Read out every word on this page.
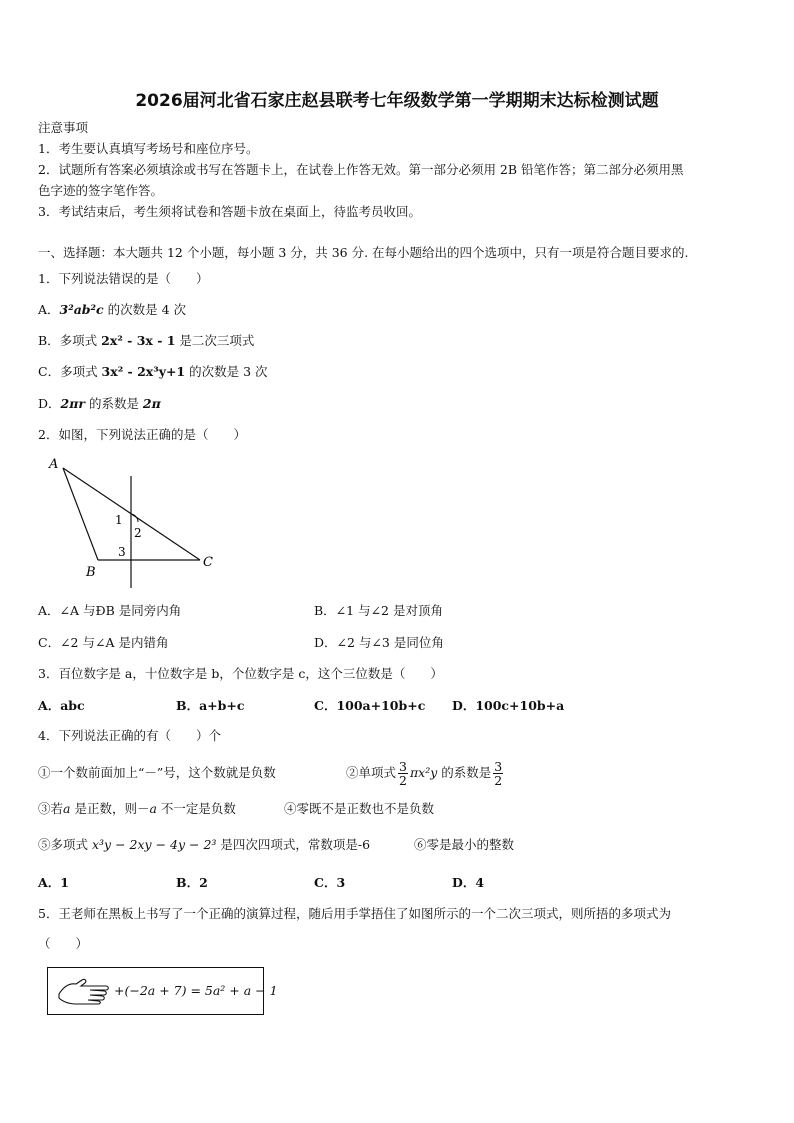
2026届河北省石家庄赵县联考七年级数学第一学期期末达标检测试题
注意事项
1．考生要认真填写考场号和座位序号。
2．试题所有答案必须填涂或书写在答题卡上，在试卷上作答无效。第一部分必须用 2B 铅笔作答；第二部分必须用黑
色字迹的签字笔作答。
3．考试结束后，考生须将试卷和答题卡放在桌面上，待监考员收回。
一、选择题：本大题共 12 个小题，每小题 3 分，共 36 分. 在每小题给出的四个选项中，只有一项是符合题目要求的.
1．下列说法错误的是（　　）
A．3²ab²c 的次数是 4 次
B．多项式 2x² - 3x - 1 是二次三项式
C．多项式 3x² - 2x³y+1 的次数是 3 次
D．2πr 的系数是 2π
2．如图，下列说法正确的是（　　）
A
B
C
1
2
3
A．∠A 与ÐB 是同旁内角	B．∠1 与∠2 是对顶角
C．∠2 与∠A 是内错角	D．∠2 与∠3 是同位角
3．百位数字是 a，十位数字是 b，个位数字是 c，这个三位数是（　　）
A．abc	B．a+b+c	C．100a+10b+c D．100c+10b+a
4．下列说法正确的有（　　）个
①一个数前面加上“－”号，这个数就是负数	②单项式 $\frac{3}{2} \pi x^2y$ 的系数是 $\frac{3}{2}$
③若a 是正数，则－a 不一定是负数	④零既不是正数也不是负数
⑤多项式 x³y − 2xy − 4y − 2³ 是四次四项式，常数项是-6	⑥零是最小的整数
A．1	B．2	C．3	D．4
5．王老师在黑板上书写了一个正确的演算过程，随后用手掌捂住了如图所示的一个二次三项式，则所捂的多项式为
（　　）
+(−2a + 7) = 5a² + a − 1
